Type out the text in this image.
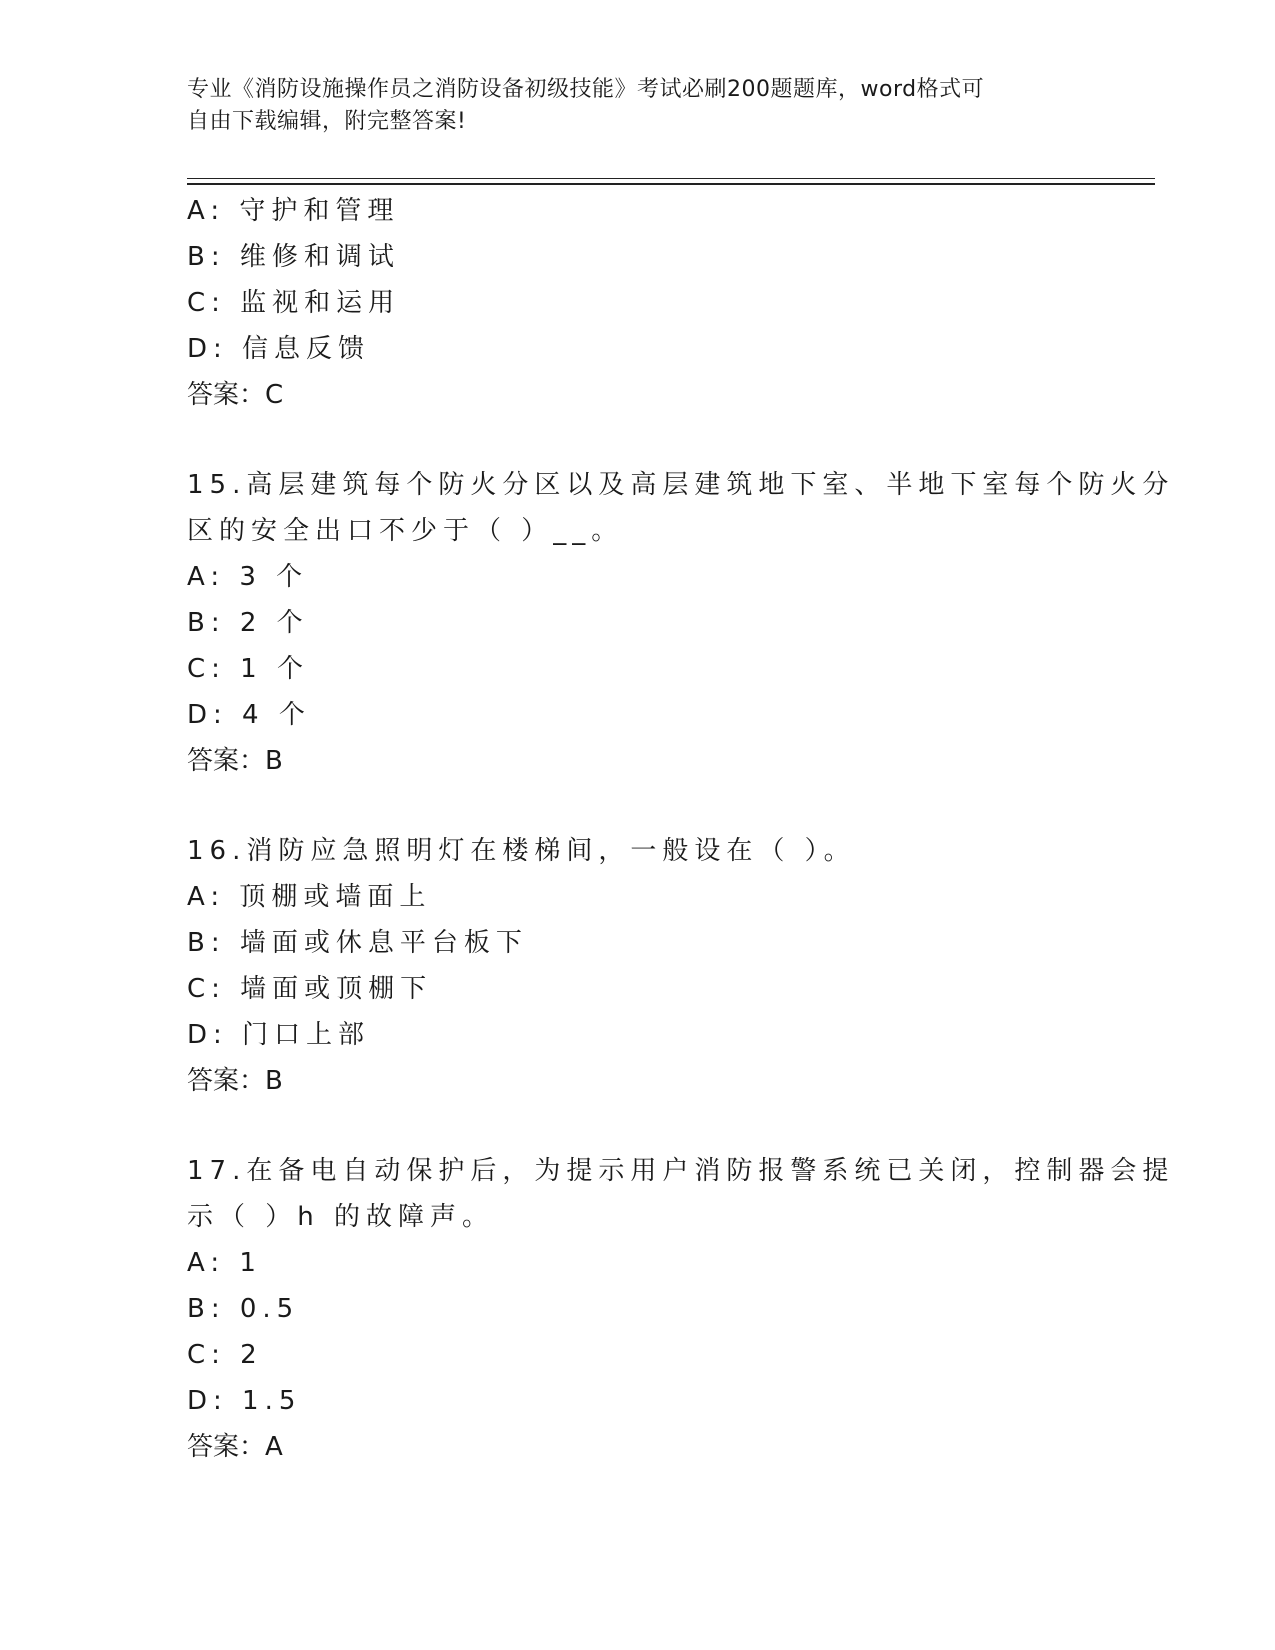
专业《消防设施操作员之消防设备初级技能》考试必刷200题题库，word格式可
自由下载编辑，附完整答案!
A: 守护和管理
B: 维修和调试
C: 监视和运用
D: 信息反馈
答案：C
15.高层建筑每个防火分区以及高层建筑地下室、半地下室每个防火分
区的安全出口不少于（ ）__。
A: 3 个
B: 2 个
C: 1 个
D: 4 个
答案：B
16.消防应急照明灯在楼梯间，一般设在（ ）。
A: 顶棚或墙面上
B: 墙面或休息平台板下
C: 墙面或顶棚下
D: 门口上部
答案：B
17.在备电自动保护后，为提示用户消防报警系统已关闭，控制器会提
示（ ）h 的故障声。
A: 1
B: 0.5
C: 2
D: 1.5
答案：A
